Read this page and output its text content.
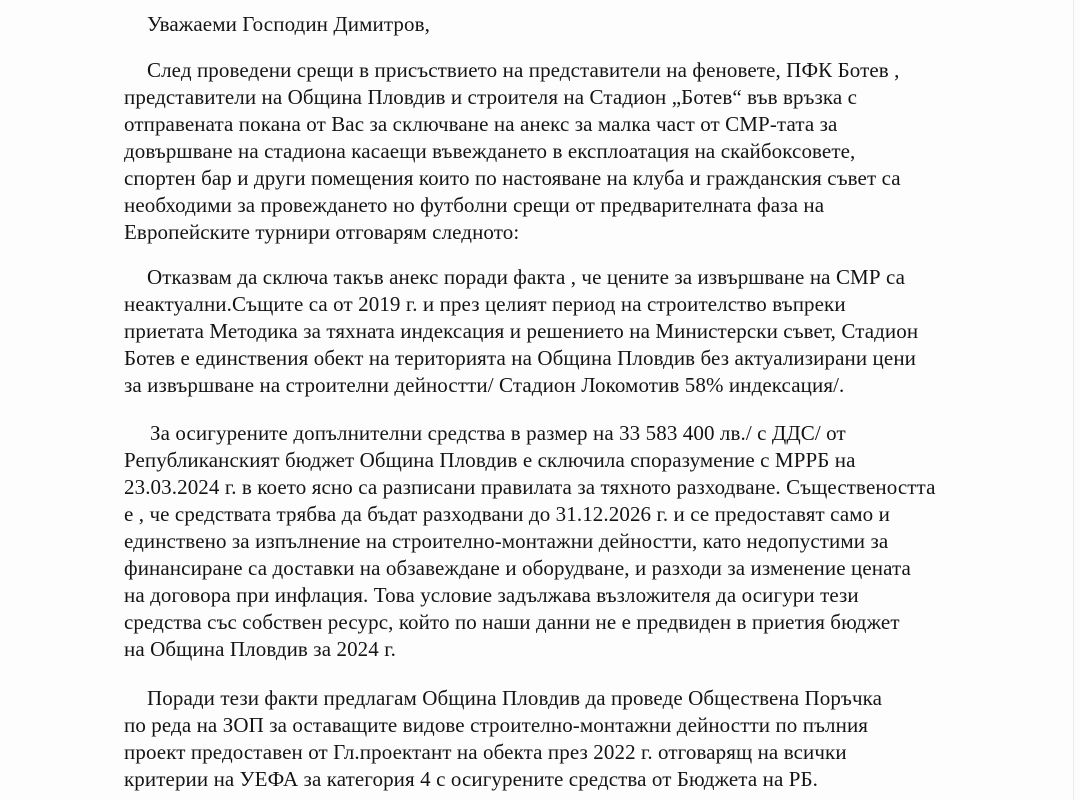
Уважаеми Господин Димитров,
След проведени срещи в присъствието на представители на феновете, ПФК Ботев ,
представители на Община Пловдив и строителя на Стадион „Ботев“ във връзка с
отправената покана от Вас за сключване на анекс за малка част от СМР-тата за
довършване на стадиона касаещи въвеждането в експлоатация на скайбоксовете,
спортен бар и други помещения които по настояване на клуба и гражданския съвет са
необходими за провеждането но футболни срещи от предварителната фаза на
Европейските турнири отговарям следното:
Отказвам да сключа такъв анекс поради факта , че цените за извършване на СМР са
неактуални.Същите са от 2019 г. и през целият период на строителство въпреки
приетата Методика за тяхната индексация и решението на Министерски съвет, Стадион
Ботев е единствения обект на територията на Община Пловдив без актуализирани цени
за извършване на строителни дейностти/ Стадион Локомотив 58% индексация/.
За осигурените допълнителни средства в размер на 33 583 400 лв./ с ДДС/ от
Републиканският бюджет Община Пловдив е сключила споразумение с МРРБ на
23.03.2024 г. в което ясно са разписани правилата за тяхното разходване. Съществеността
е , че средствата трябва да бъдат разходвани до 31.12.2026 г. и се предоставят само и
единствено за изпълнение на строително-монтажни дейностти, като недопустими за
финансиране са доставки на обзавеждане и оборудване, и разходи за изменение цената
на договора при инфлация. Това условие задължава възложителя да осигури тези
средства със собствен ресурс, който по наши данни не е предвиден в приетия бюджет
на Община Пловдив за 2024 г.
Поради тези факти предлагам Община Пловдив да проведе Обществена Поръчка
по реда на ЗОП за оставащите видове строително-монтажни дейностти по пълния
проект предоставен от Гл.проектант на обекта през 2022 г. отговарящ на всички
критерии на УЕФА за категория 4 с осигурените средства от Бюджета на РБ.
